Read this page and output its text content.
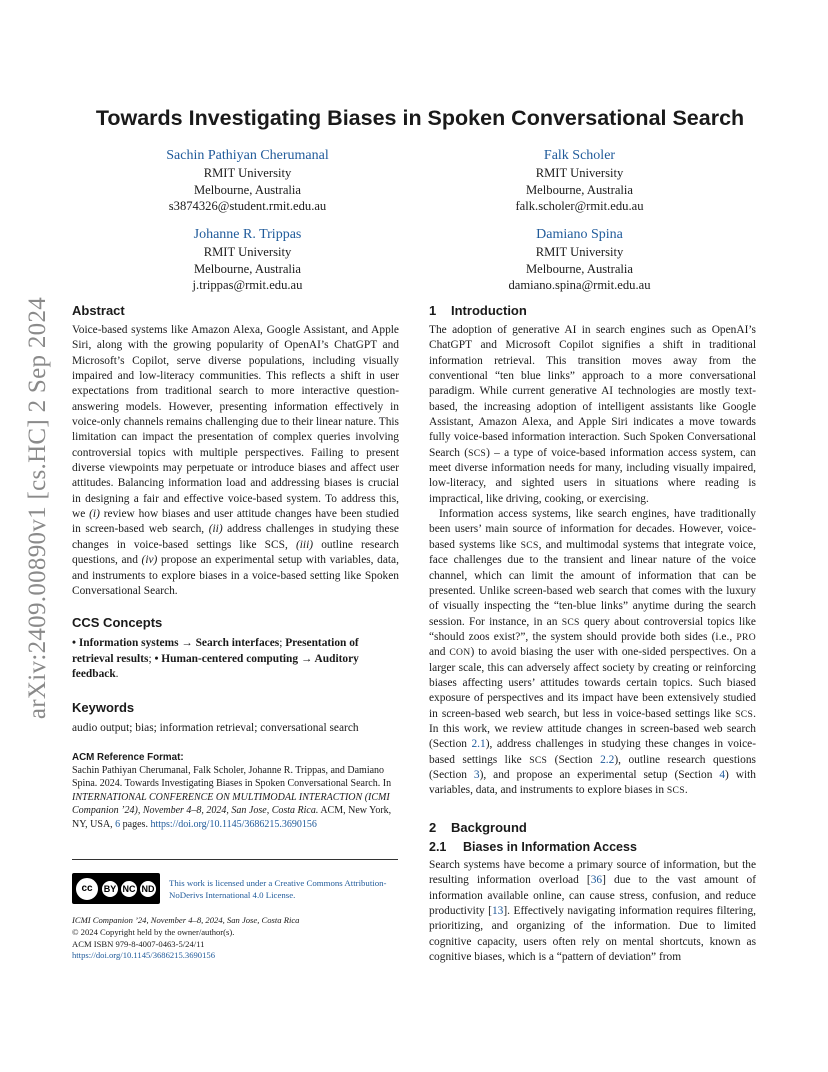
arXiv:2409.00890v1 [cs.HC] 2 Sep 2024
Towards Investigating Biases in Spoken Conversational Search
Sachin Pathiyan Cherumanal
RMIT University
Melbourne, Australia
s3874326@student.rmit.edu.au
Falk Scholer
RMIT University
Melbourne, Australia
falk.scholer@rmit.edu.au
Johanne R. Trippas
RMIT University
Melbourne, Australia
j.trippas@rmit.edu.au
Damiano Spina
RMIT University
Melbourne, Australia
damiano.spina@rmit.edu.au
Abstract

Voice-based systems like Amazon Alexa, Google Assistant, and Apple Siri, along with the growing popularity of OpenAI’s ChatGPT and Microsoft’s Copilot, serve diverse populations, including visually impaired and low-literacy communities. This reflects a shift in user expectations from traditional search to more interactive question-answering models. However, presenting information effectively in voice-only channels remains challenging due to their linear nature. This limitation can impact the presentation of complex queries involving controversial topics with multiple perspectives. Failing to present diverse viewpoints may perpetuate or introduce biases and affect user attitudes. Balancing information load and addressing biases is crucial in designing a fair and effective voice-based system. To address this, we (i) review how biases and user attitude changes have been studied in screen-based web search, (ii) address challenges in studying these changes in voice-based settings like SCS, (iii) outline research questions, and (iv) propose an experimental setup with variables, data, and instruments to explore biases in a voice-based setting like Spoken Conversational Search.

CCS Concepts

• Information systems → Search interfaces; Presentation of retrieval results; • Human-centered computing → Auditory feedback.

Keywords

audio output; bias; information retrieval; conversational search

ACM Reference Format:
Sachin Pathiyan Cherumanal, Falk Scholer, Johanne R. Trippas, and Damiano Spina. 2024. Towards Investigating Biases in Spoken Conversational Search. In INTERNATIONAL CONFERENCE ON MULTIMODAL INTERACTION (ICMI Companion ’24), November 4–8, 2024, San Jose, Costa Rica. ACM, New York, NY, USA, 6 pages. https://doi.org/10.1145/3686215.3690156
cc	BY NC ND
This work is licensed under a Creative Commons Attribution-NoDerivs International 4.0 License.
ICMI Companion ’24, November 4–8, 2024, San Jose, Costa Rica
© 2024 Copyright held by the owner/author(s).
ACM ISBN 979-8-4007-0463-5/24/11
https://doi.org/10.1145/3686215.3690156
1 Introduction

The adoption of generative AI in search engines such as OpenAI’s ChatGPT and Microsoft Copilot signifies a shift in traditional information retrieval. This transition moves away from the conventional “ten blue links” approach to a more conversational paradigm. While current generative AI technologies are mostly text-based, the increasing adoption of intelligent assistants like Google Assistant, Amazon Alexa, and Apple Siri indicates a move towards fully voice-based information interaction. Such Spoken Conversational Search (SCS) – a type of voice-based information access system, can meet diverse information needs for many, including visually impaired, low-literacy, and sighted users in situations where reading is impractical, like driving, cooking, or exercising.

Information access systems, like search engines, have traditionally been users’ main source of information for decades. However, voice-based systems like SCS, and multimodal systems that integrate voice, face challenges due to the transient and linear nature of the voice channel, which can limit the amount of information that can be presented. Unlike screen-based web search that comes with the luxury of visually inspecting the “ten-blue links” anytime during the search session. For instance, in an SCS query about controversial topics like “should zoos exist?”, the system should provide both sides (i.e., PRO and CON) to avoid biasing the user with one-sided perspectives. On a larger scale, this can adversely affect society by creating or reinforcing biases affecting users’ attitudes towards certain topics. Such biased exposure of perspectives and its impact have been extensively studied in screen-based web search, but less in voice-based settings like SCS. In this work, we review attitude changes in screen-based web search (Section 2.1), address challenges in studying these changes in voice-based settings like SCS (Section 2.2), outline research questions (Section 3), and propose an experimental setup (Section 4) with variables, data, and instruments to explore biases in SCS.

2 Background
2.1 Biases in Information Access

Search systems have become a primary source of information, but the resulting information overload [36] due to the vast amount of information available online, can cause stress, confusion, and reduce productivity [13]. Effectively navigating information requires filtering, prioritizing, and organizing of the information. Due to limited cognitive capacity, users often rely on mental shortcuts, known as cognitive biases, which is a “pattern of deviation” from
